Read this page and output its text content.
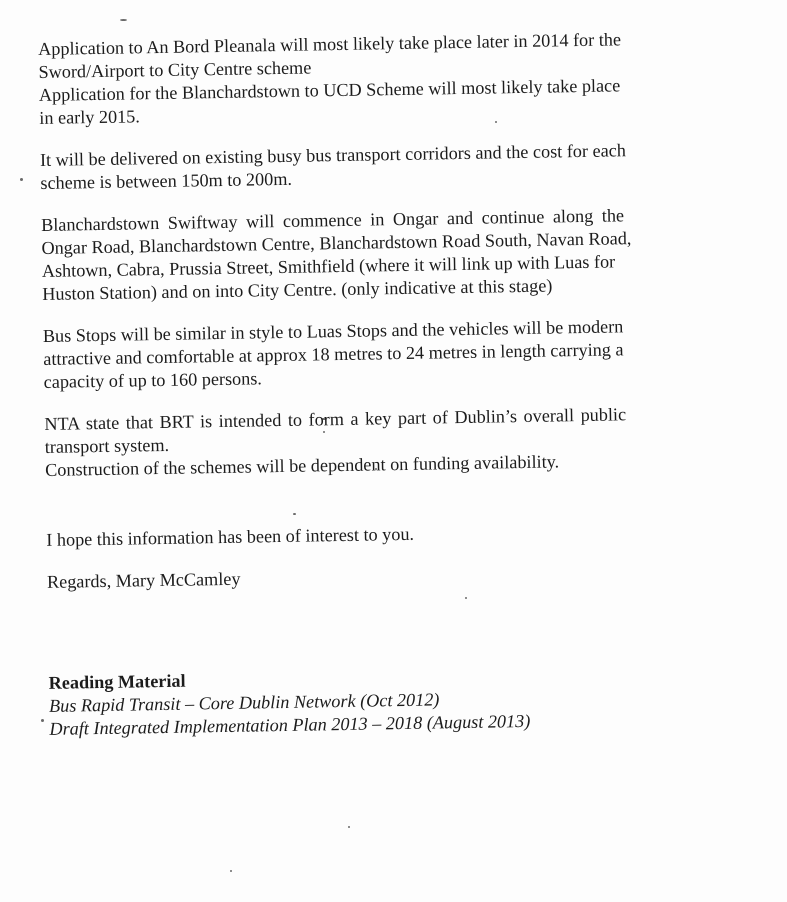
Application to An Bord Pleanala will most likely take place later in 2014 for the
Sword/Airport to City Centre scheme
Application for the Blanchardstown to UCD Scheme will most likely take place
in early 2015.

It will be delivered on existing busy bus transport corridors and the cost for each
scheme is between 150m to 200m.

Blanchardstown Swiftway will commence in Ongar and continue along the
Ongar Road, Blanchardstown Centre, Blanchardstown Road South, Navan Road,
Ashtown, Cabra, Prussia Street, Smithfield (where it will link up with Luas for
Huston Station) and on into City Centre. (only indicative at this stage)

Bus Stops will be similar in style to Luas Stops and the vehicles will be modern
attractive and comfortable at approx 18 metres to 24 metres in length carrying a
capacity of up to 160 persons.

NTA state that BRT is intended to form a key part of Dublin’s overall public
transport system.
Construction of the schemes will be dependent on funding availability.

I hope this information has been of interest to you.

Regards, Mary McCamley

Reading Material
Bus Rapid Transit – Core Dublin Network (Oct 2012)
Draft Integrated Implementation Plan 2013 – 2018 (August 2013)
